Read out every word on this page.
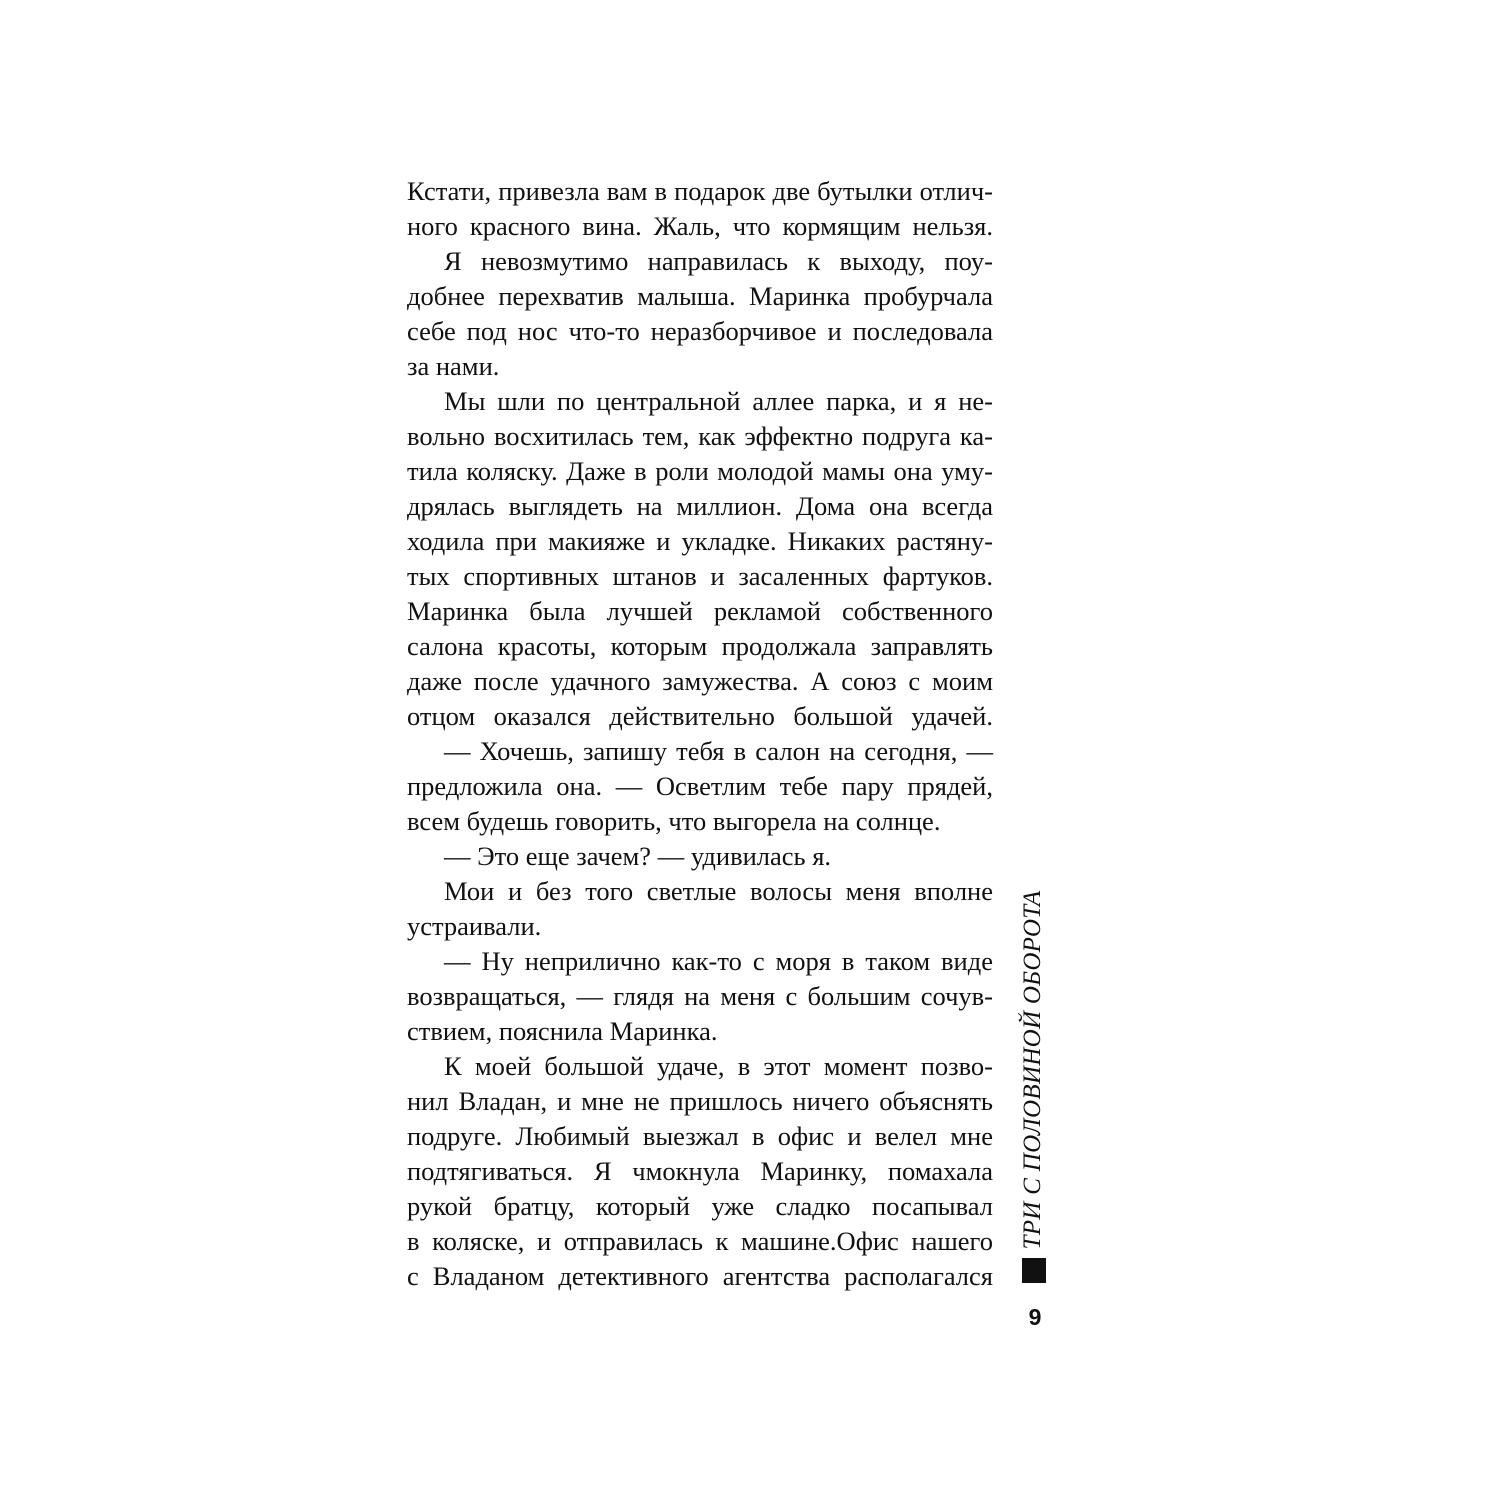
Кстати, привезла вам в подарок две бутылки отлич-
ного красного вина. Жаль, что кормящим нельзя.
Я невозмутимо направилась к выходу, поу-
добнее перехватив малыша. Маринка пробурчала
себе под нос что-то неразборчивое и последовала
за нами.
Мы шли по центральной аллее парка, и я не-
вольно восхитилась тем, как эффектно подруга ка-
тила коляску. Даже в роли молодой мамы она уму-
дрялась выглядеть на миллион. Дома она всегда
ходила при макияже и укладке. Никаких растяну-
тых спортивных штанов и засаленных фартуков.
Маринка была лучшей рекламой собственного
салона красоты, которым продолжала заправлять
даже после удачного замужества. А союз с моим
отцом оказался действительно большой удачей.
— Хочешь, запишу тебя в салон на сегодня, —
предложила она. — Осветлим тебе пару прядей,
всем будешь говорить, что выгорела на солнце.
— Это еще зачем? — удивилась я.
Мои и без того светлые волосы меня вполне
устраивали.
— Ну неприлично как-то с моря в таком виде
возвращаться, — глядя на меня с большим сочув-
ствием, пояснила Маринка.
К моей большой удаче, в этот момент позво-
нил Владан, и мне не пришлось ничего объяснять
подруге. Любимый выезжал в офис и велел мне
подтягиваться. Я чмокнула Маринку, помахала
рукой братцу, который уже сладко посапывал
в коляске, и отправилась к машине.Офис нашего
с Владаном детективного агентства располагался
ТРИ С ПОЛОВИНОЙ ОБОРОТА
9
